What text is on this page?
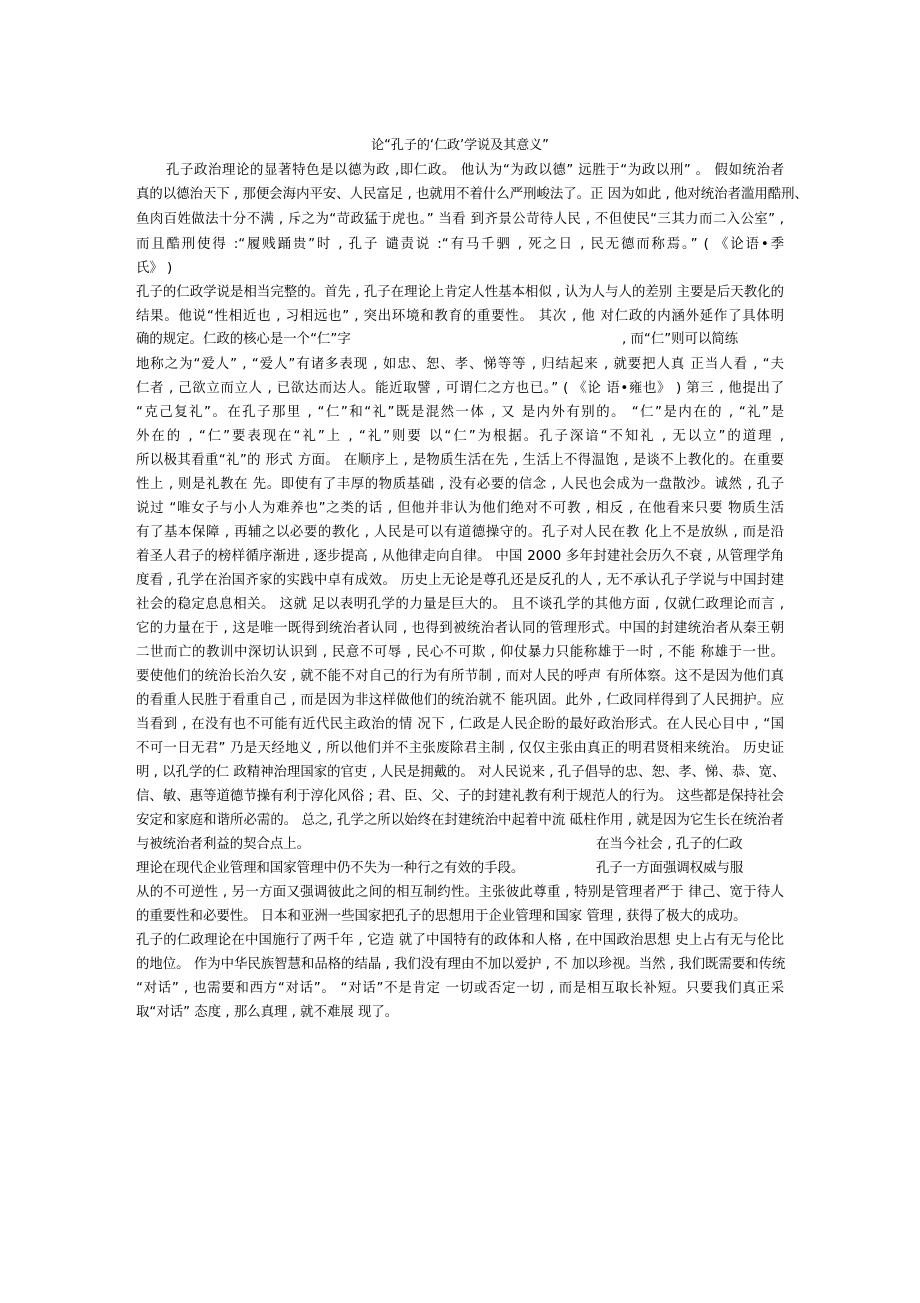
论“孔子的‘仁政’学说及其意义”
孔子政治理论的显著特色是以德为政 ,即仁政。 他认为“为政以德” 远胜于“为政以刑” 。 假如统治者
真的以德治天下 , 那便会海内平安、人民富足 , 也就用不着什么严刑峻法了。正 因为如此 , 他对统治者滥用酷刑、
鱼肉百姓做法十分不满 , 斥之为“苛政猛于虎也。” 当看 到齐景公苛待人民 , 不但使民“三其力而二入公室” ,
而且酷刑使得 :“履贱踊贵”时 , 孔子 谴责说 :“有马千驷 , 死之日 , 民无德而称焉。” ( 《论语•季
氏》 )
孔子的仁政学说是相当完整的。首先 , 孔子在理论上肯定人性基本相似 , 认为人与人的差别 主要是后天教化的
结果。他说“性相近也 , 习相远也” , 突出环境和教育的重要性。 其次 , 他 对仁政的内涵外延作了具体明
确的规定。仁政的核心是一个“仁”字	, 而“仁”则可以简练
地称之为“爱人” , “爱人”有诸多表现 , 如忠、恕、孝、悌等等 , 归结起来 , 就要把人真 正当人看 , “夫
仁者 , 己欲立而立人 , 已欲达而达人。能近取譬 , 可谓仁之方也已。” ( 《论 语•雍也》 ) 第三 , 他提出了
“克己复礼”。在孔子那里 , “仁”和“礼”既是混然一体 , 又 是内外有别的。 “仁”是内在的 , “礼”是
外在的 , “仁”要表现在“礼”上 , “礼”则要 以“仁”为根据。孔子深谙“不知礼 , 无以立”的道理 ,
所以极其看重“礼”的 形式 方面。 在顺序上 , 是物质生活在先 , 生活上不得温饱 , 是谈不上教化的。在重要
性上 , 则是礼教在 先。即使有了丰厚的物质基础 , 没有必要的信念 , 人民也会成为一盘散沙。诚然 , 孔子
说过 “唯女子与小人为难养也”之类的话 , 但他并非认为他们绝对不可教 , 相反 , 在他看来只要 物质生活
有了基本保障 , 再辅之以必要的教化 , 人民是可以有道德操守的。孔子对人民在教 化上不是放纵 , 而是沿
着圣人君子的榜样循序渐进 , 逐步提高 , 从他律走向自律。 中国 2000 多年封建社会历久不衰 , 从管理学角
度看 , 孔学在治国齐家的实践中卓有成效。 历史上无论是尊孔还是反孔的人 , 无不承认孔子学说与中国封建
社会的稳定息息相关。 这就 足以表明孔学的力量是巨大的。 且不谈孔学的其他方面 , 仅就仁政理论而言 ,
它的力量在于 , 这是唯一既得到统治者认同 , 也得到被统治者认同的管理形式。中国的封建统治者从秦王朝
二世而亡的教训中深切认识到 , 民意不可辱 , 民心不可欺 , 仰仗暴力只能称雄于一时 , 不能 称雄于一世。
要使他们的统治长治久安 , 就不能不对自己的行为有所节制 , 而对人民的呼声 有所体察。这不是因为他们真
的看重人民胜于看重自己 , 而是因为非这样做他们的统治就不 能巩固。此外 , 仁政同样得到了人民拥护。应
当看到 , 在没有也不可能有近代民主政治的情 况下 , 仁政是人民企盼的最好政治形式。在人民心目中 , “国
不可一日无君” 乃是天经地义 , 所以他们并不主张废除君主制 , 仅仅主张由真正的明君贤相来统治。 历史证
明 , 以孔学的仁 政精神治理国家的官吏 , 人民是拥戴的。 对人民说来 , 孔子倡导的忠、恕、孝、悌、恭、宽、
信、敏、惠等道德节操有利于淳化风俗 ; 君、臣、父、子的封建礼教有利于规范人的行为。 这些都是保持社会
安定和家庭和谐所必需的。 总之, 孔学之所以始终在封建统治中起着中流 砥柱作用 , 就是因为它生长在统治者
与被统治者利益的契合点上。	在当今社会 , 孔子的仁政
理论在现代企业管理和国家管理中仍不失为一种行之有效的手段。	孔子一方面强调权威与服
从的不可逆性 , 另一方面又强调彼此之间的相互制约性。主张彼此尊重 , 特别是管理者严于 律己、宽于待人
的重要性和必要性。 日本和亚洲一些国家把孔子的思想用于企业管理和国家 管理 , 获得了极大的成功。
孔子的仁政理论在中国施行了两千年 , 它造 就了中国特有的政体和人格 , 在中国政治思想 史上占有无与伦比
的地位。 作为中华民族智慧和品格的结晶 , 我们没有理由不加以爱护 , 不 加以珍视。当然 , 我们既需要和传统
“对话” , 也需要和西方“对话”。 “对话”不是肯定 一切或否定一切 , 而是相互取长补短。只要我们真正采
取“对话” 态度 , 那么真理 , 就不难展 现了。
